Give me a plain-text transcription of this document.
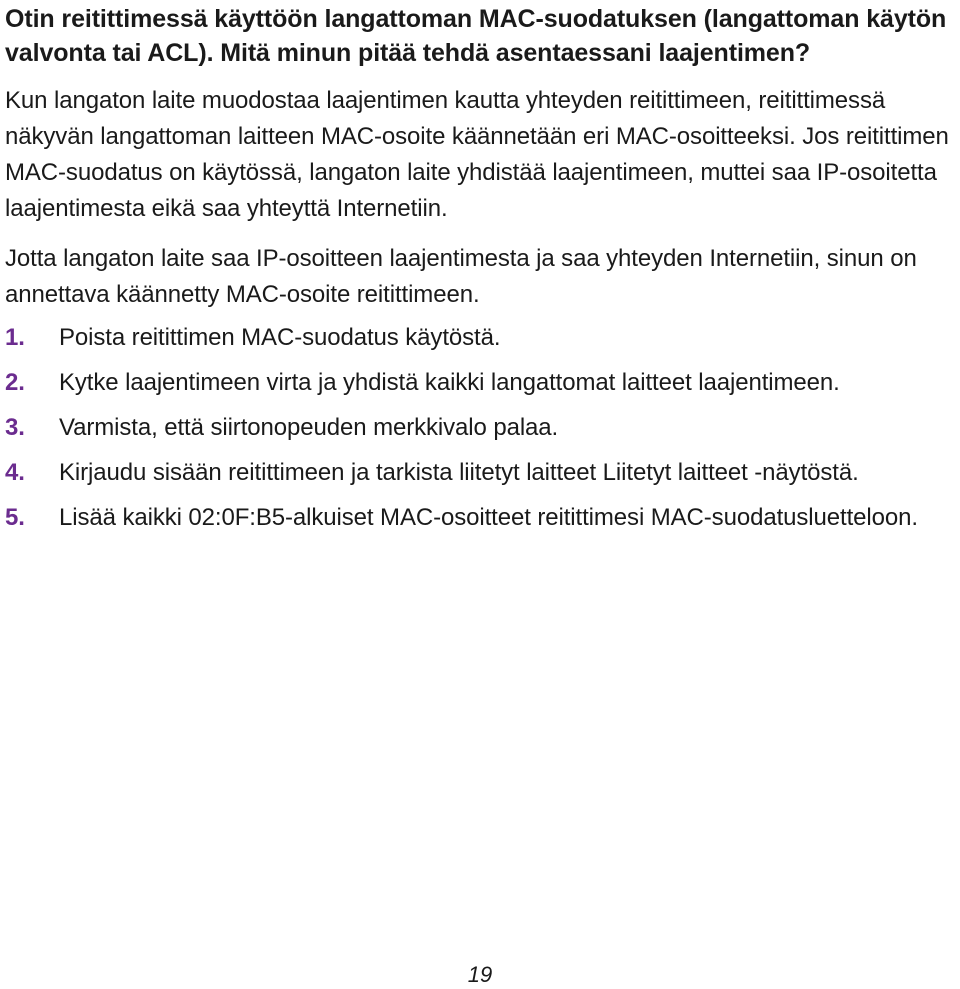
Otin reitittimessä käyttöön langattoman MAC-suodatuksen (langattoman käytön valvonta tai ACL). Mitä minun pitää tehdä asentaessani laajentimen?

Kun langaton laite muodostaa laajentimen kautta yhteyden reitittimeen, reitittimessä näkyvän langattoman laitteen MAC-osoite käännetään eri MAC-osoitteeksi. Jos reitittimen MAC-suodatus on käytössä, langaton laite yhdistää laajentimeen, muttei saa IP-osoitetta laajentimesta eikä saa yhteyttä Internetiin.

Jotta langaton laite saa IP-osoitteen laajentimesta ja saa yhteyden Internetiin, sinun on annettava käännetty MAC-osoite reitittimeen.

1.	Poista reitittimen MAC-suodatus käytöstä.
2.	Kytke laajentimeen virta ja yhdistä kaikki langattomat laitteet laajentimeen.
3.	Varmista, että siirtonopeuden merkkivalo palaa.
4.	Kirjaudu sisään reitittimeen ja tarkista liitetyt laitteet Liitetyt laitteet -näytöstä.
5.	Lisää kaikki 02:0F:B5-alkuiset MAC-osoitteet reitittimesi MAC-suodatusluetteloon.
19
